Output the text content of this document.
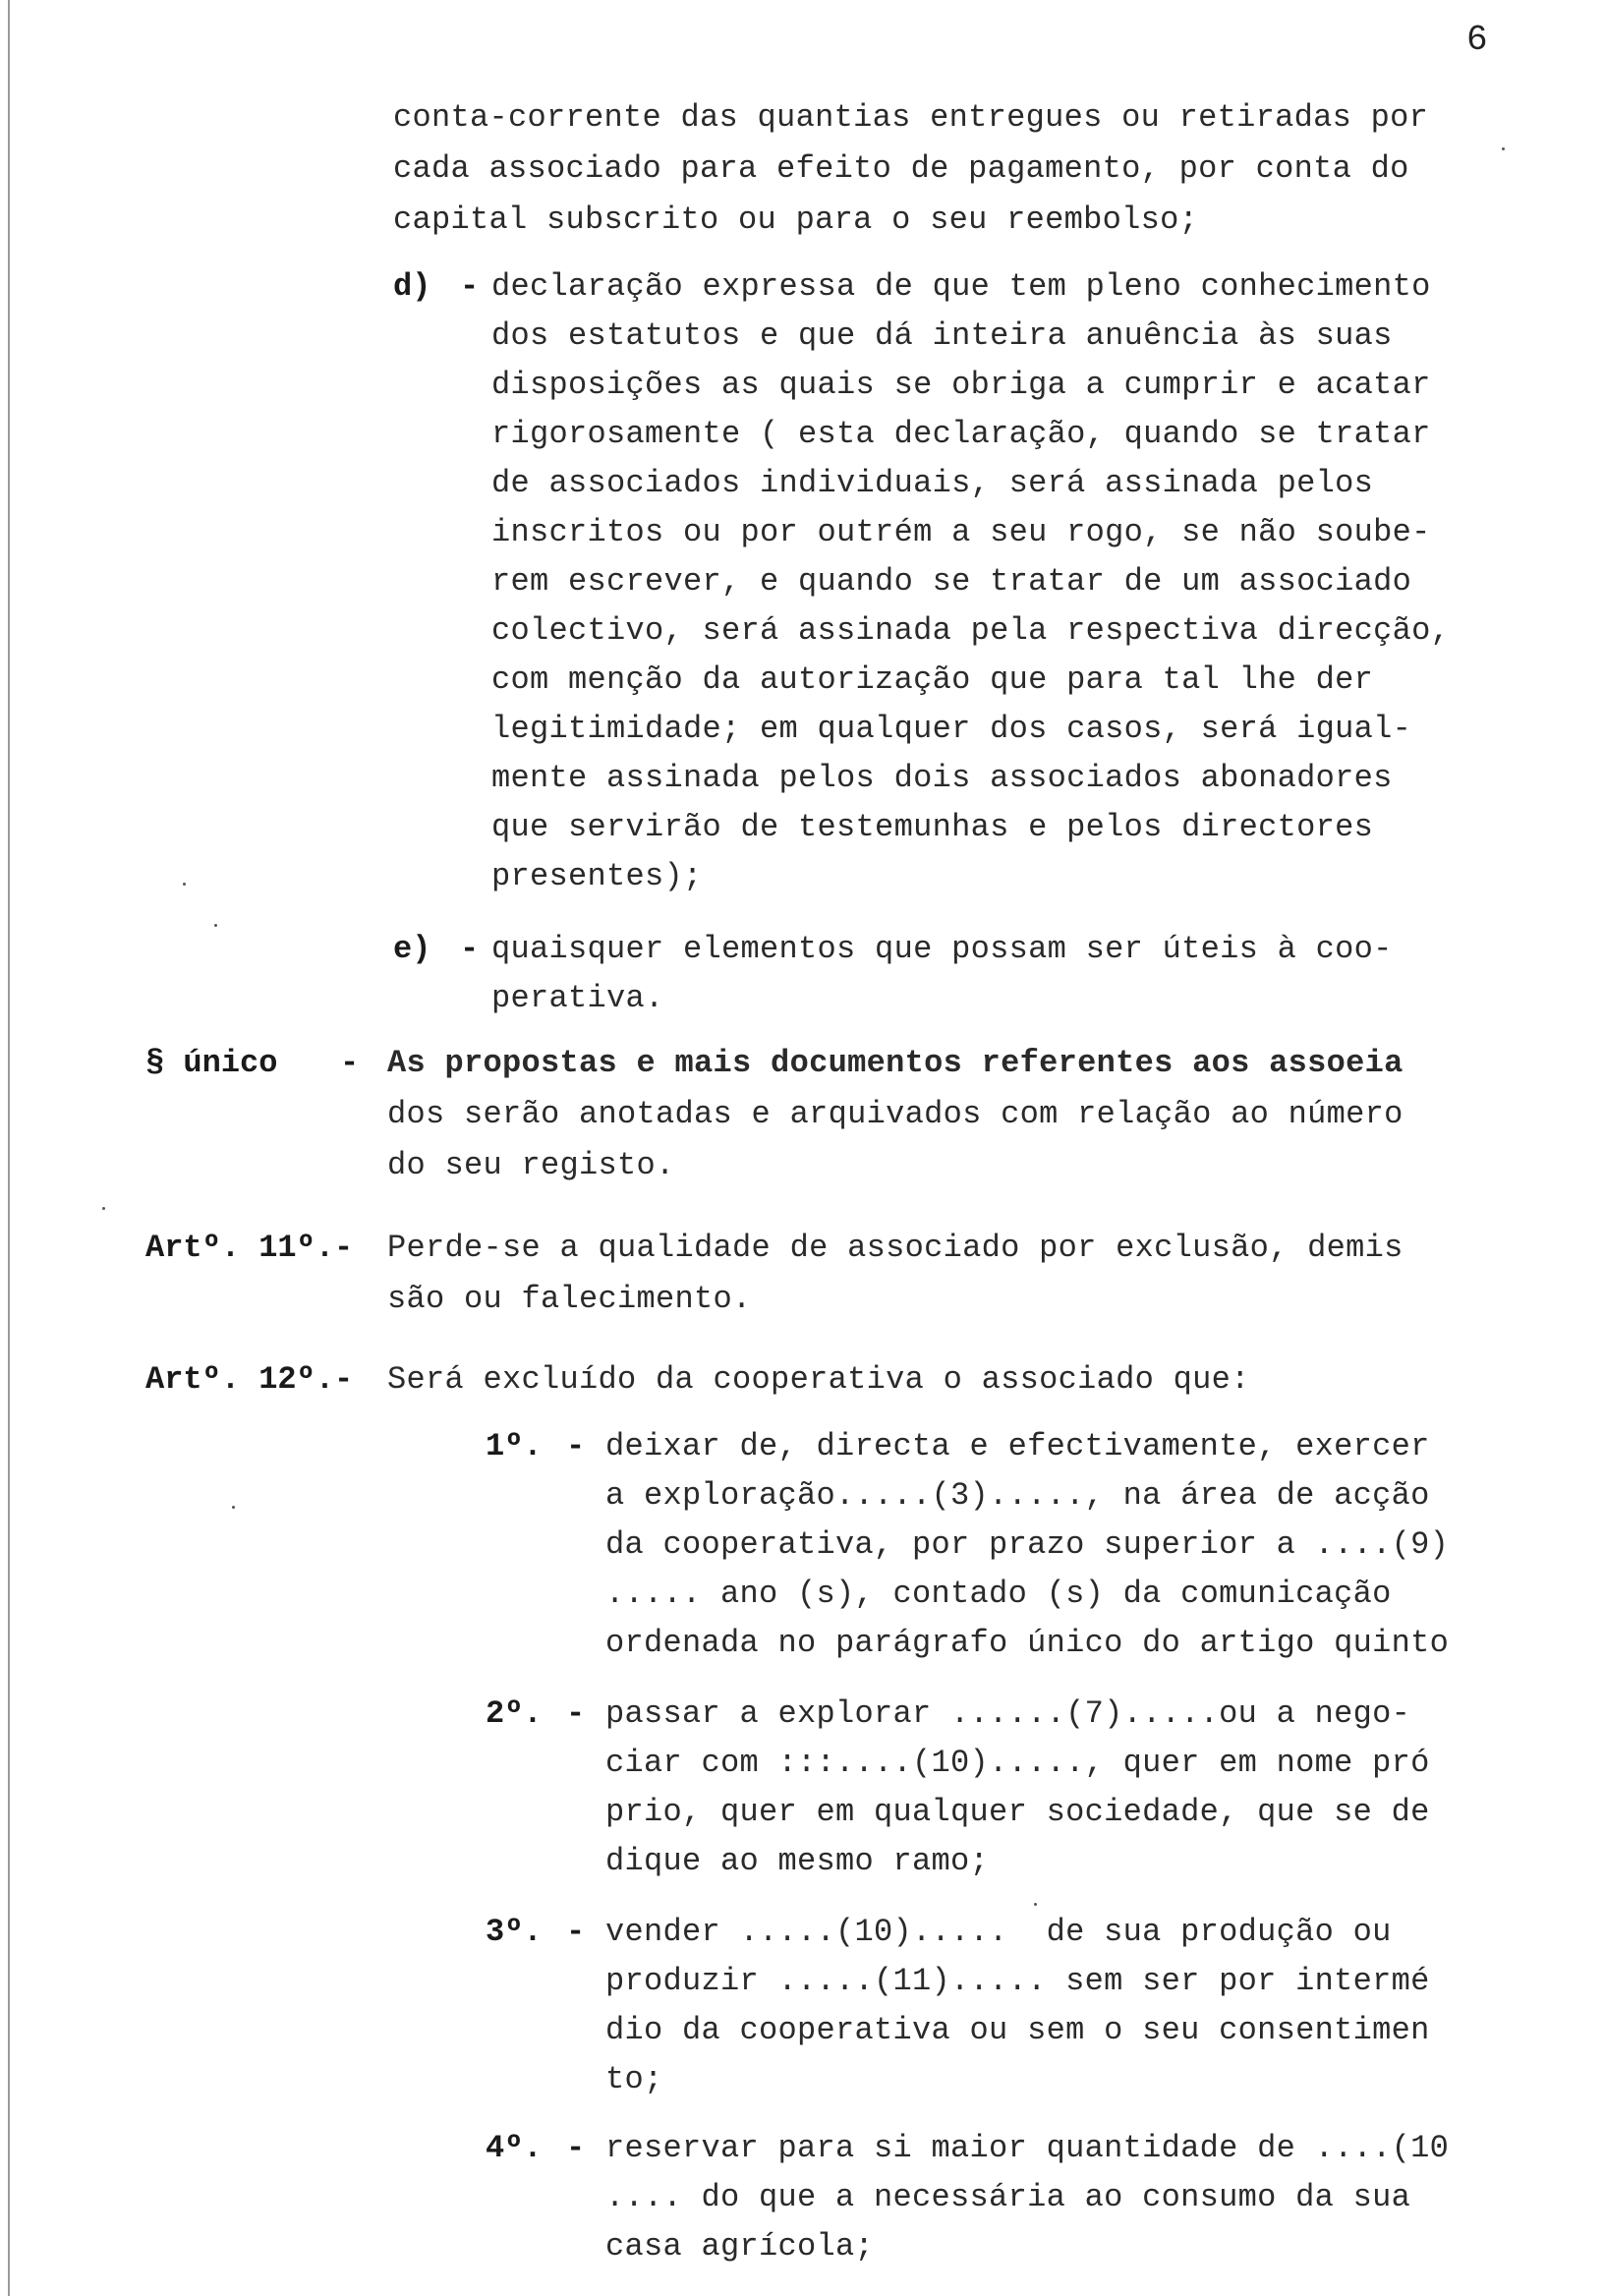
6
conta-corrente das quantias entregues ou retiradas por
cada associado para efeito de pagamento, por conta do
capital subscrito ou para o seu reembolso;
d) - declaração expressa de que tem pleno conhecimento
dos estatutos e que dá inteira anuência às suas
disposições as quais se obriga a cumprir e acatar
rigorosamente ( esta declaração, quando se tratar
de associados individuais, será assinada pelos
inscritos ou por outrém a seu rogo, se não soube-
rem escrever, e quando se tratar de um associado
colectivo, será assinada pela respectiva direcção,
com menção da autorização que para tal lhe der
legitimidade; em qualquer dos casos, será igual-
mente assinada pelos dois associados abonadores
que servirão de testemunhas e pelos directores
presentes);
e) - quaisquer elementos que possam ser úteis à coo-
perativa.
§ único - As propostas e mais documentos referentes aos assoeia
dos serão anotadas e arquivados com relação ao número
do seu registo.
Artº. 11º.- Perde-se a qualidade de associado por exclusão, demis
são ou falecimento.
Artº. 12º.- Será excluído da cooperativa o associado que:
1º. - deixar de, directa e efectivamente, exercer
a exploração.....(3)....., na área de acção
da cooperativa, por prazo superior a ....(9)
..... ano (s), contado (s) da comunicação
ordenada no parágrafo único do artigo quinto
2º. - passar a explorar ......(7).....ou a nego-
ciar com :::....(10)....., quer em nome pró
prio, quer em qualquer sociedade, que se de
dique ao mesmo ramo;
3º. - vender .....(10).....  de sua produção ou
produzir .....(11)..... sem ser por intermé
dio da cooperativa ou sem o seu consentimen
to;
4º. - reservar para si maior quantidade de ....(10
.... do que a necessária ao consumo da sua
casa agrícola;
